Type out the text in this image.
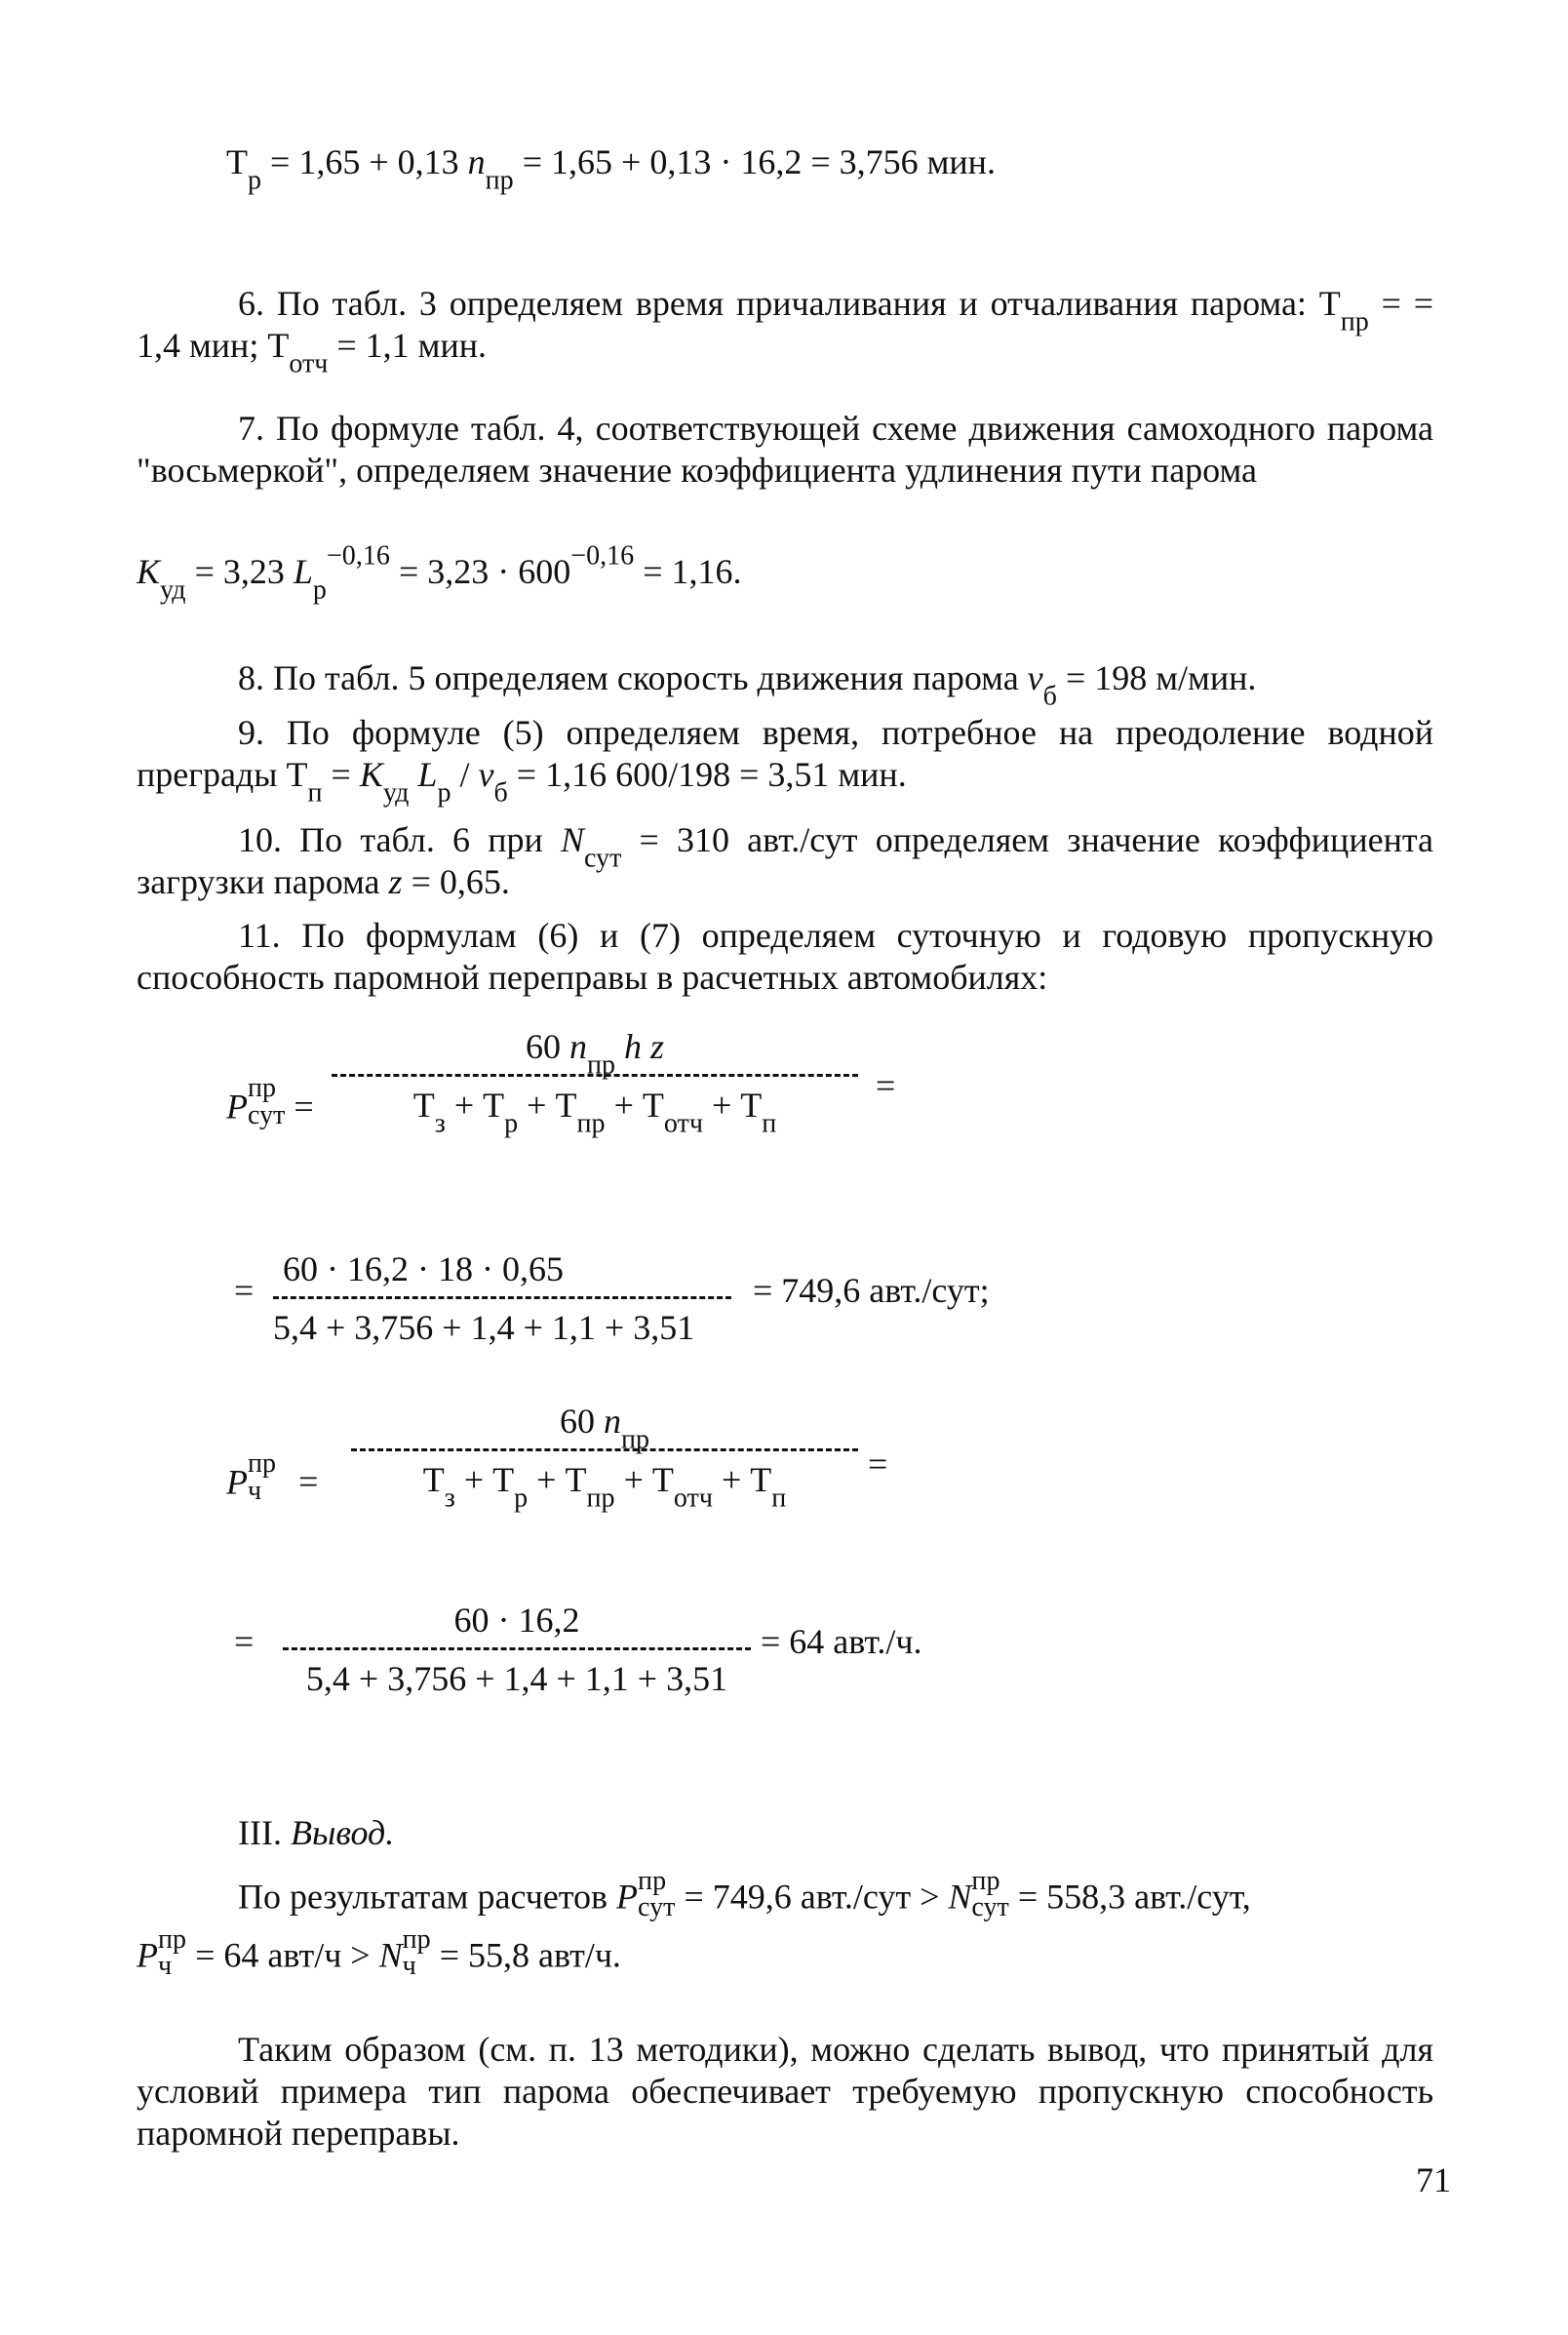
$T_р = 1,65 + 0,13$ $n_{пр} = 1,65 + 0,13 \cdot 16,2 = 3,756$ мин.
6. По табл. 3 определяем время причаливания и отчаливания парома: $T_{пр}$ = = 1,4 мин; $T_{отч} = 1,1$ мин.
7. По формуле табл. 4, соответствующей схеме движения самоходного парома "восьмеркой", определяем значение коэффициента удлинения пути парома
$K_{уд} = 3,23$ $L_р^{-0,16} = 3,23 \cdot 600^{-0,16} = 1,16$.
8. По табл. 5 определяем скорость движения парома $v_б = 198$ м/мин.
9. По формуле (5) определяем время, потребное на преодоление водной преграды $T_п = K_{уд}$ $L_р / v_б = 1,16$ 600/198 = 3,51 мин.
10. По табл. 6 при $N_{сут} = 310$ авт./сут определяем значение коэффициента загрузки парома z = 0,65.
11. По формулам (6) и (7) определяем суточную и годовую пропускную способность паромной переправы в расчетных автомобилях:
P пр
сут =
60 $n_{пр}$ h z
$T_з + T_р + T_{пр} + T_{отч} + T_п$
=
=
60 · 16,2 · 18 · 0,65
5,4 + 3,756 + 1,4 + 1,1 + 3,51
= 749,6 авт./сут;
P пр
ч	=
60 $n_{пр}$
$T_з + T_р + T_{пр} + T_{отч} + T_п$
=
=
60 · 16,2
5,4 + 3,756 + 1,4 + 1,1 + 3,51
= 64 авт./ч.
III. Вывод.
По результатам расчетов P пр
сут = 749,6 авт./сут > N пр
сут = 558,3 авт./сут,
P пр
ч = 64 авт/ч > N пр
ч = 55,8 авт/ч.
Таким образом (см. п. 13 методики), можно сделать вывод, что принятый для условий примера тип парома обеспечивает требуемую пропускную способность паромной переправы.
71
